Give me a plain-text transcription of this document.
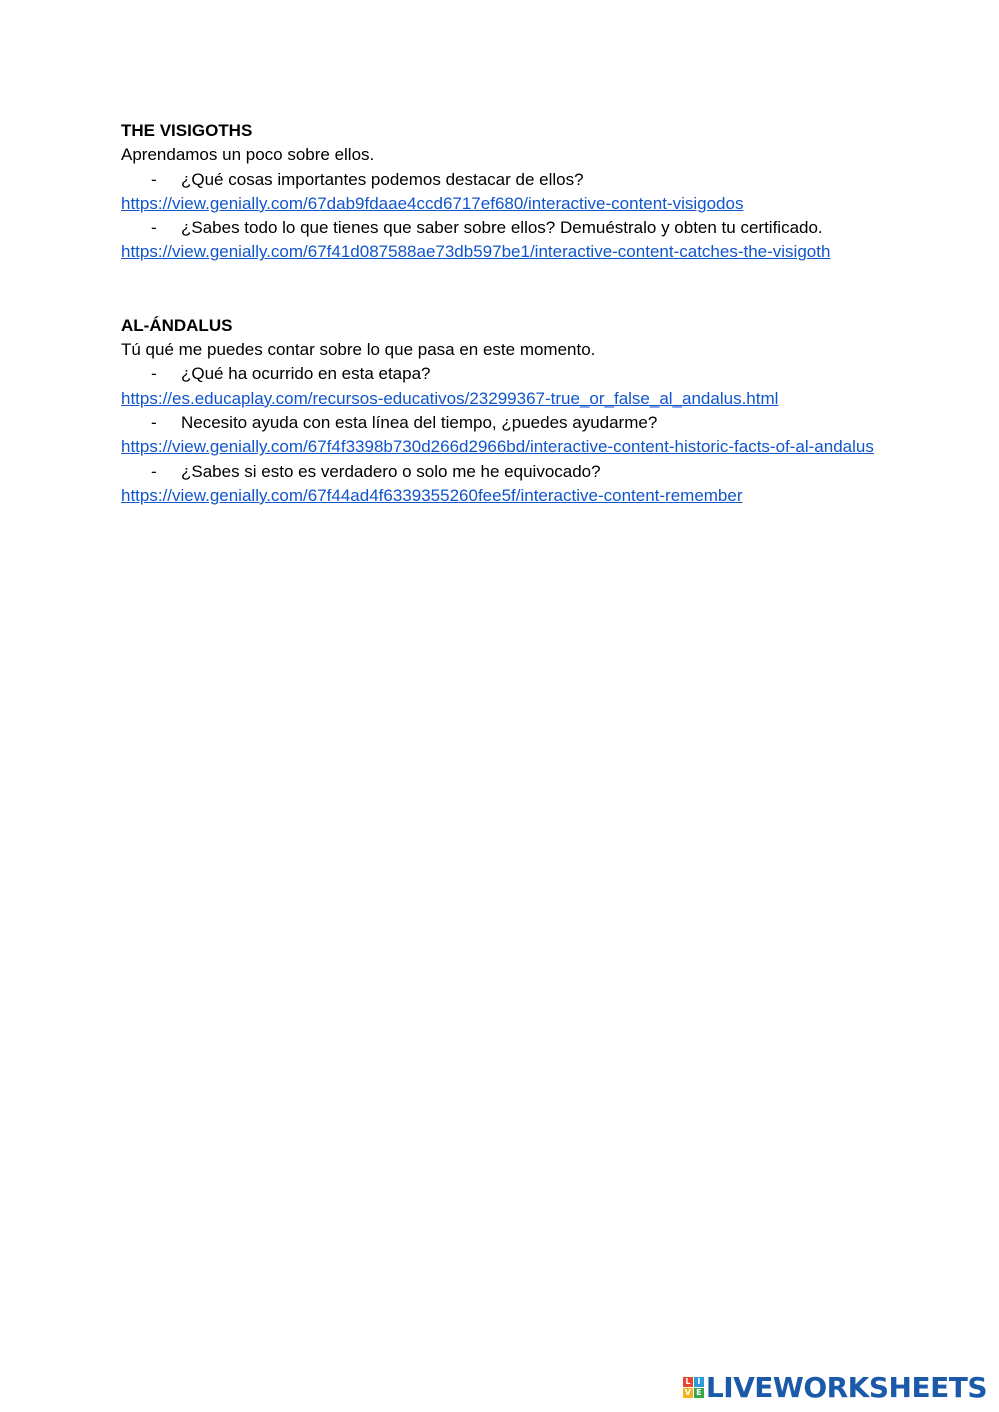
THE VISIGOTHS

Aprendamos un poco sobre ellos.

- ¿Qué cosas importantes podemos destacar de ellos?

https://view.genially.com/67dab9fdaae4ccd6717ef680/interactive-content-visigodos

- ¿Sabes todo lo que tienes que saber sobre ellos? Demuéstralo y obten tu certificado.

https://view.genially.com/67f41d087588ae73db597be1/interactive-content-catches-the-visigoth

AL-ÁNDALUS

Tú qué me puedes contar sobre lo que pasa en este momento.

- ¿Qué ha ocurrido en esta etapa?

https://es.educaplay.com/recursos-educativos/23299367-true_or_false_al_andalus.html

- Necesito ayuda con esta línea del tiempo, ¿puedes ayudarme?

https://view.genially.com/67f4f3398b730d266d2966bd/interactive-content-historic-facts-of-al-andalus

- ¿Sabes si esto es verdadero o solo me he equivocado?

https://view.genially.com/67f44ad4f6339355260fee5f/interactive-content-remember
L I
V E LIVEWORKSHEETS
